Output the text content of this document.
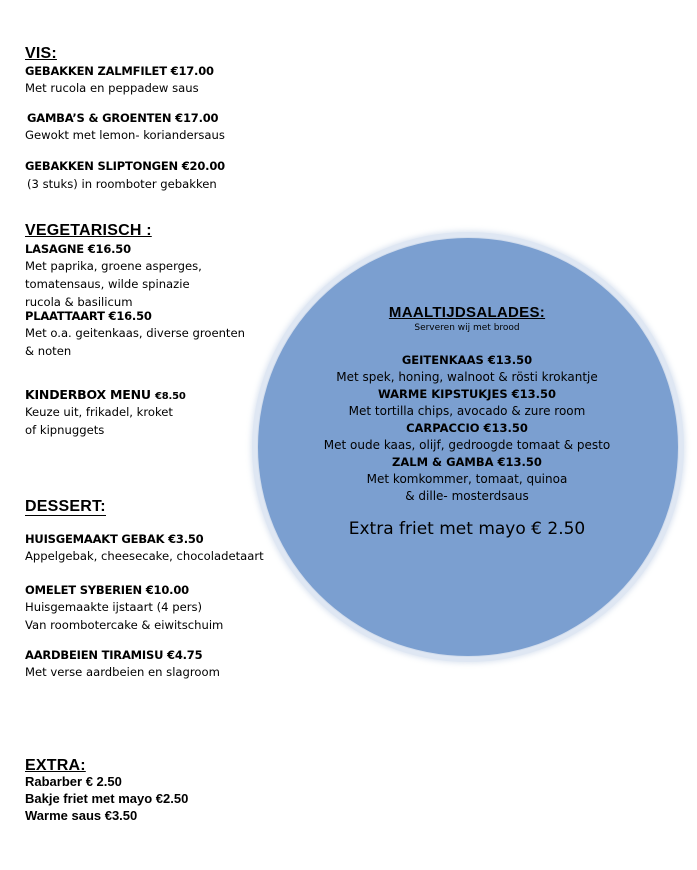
VIS:
GEBAKKEN ZALMFILET €17.00
Met rucola en peppadew saus
GAMBA’S & GROENTEN €17.00
Gewokt met lemon- koriandersaus
GEBAKKEN SLIPTONGEN €20.00
(3 stuks) in roomboter gebakken
VEGETARISCH :
LASAGNE €16.50
Met paprika, groene asperges,
tomatensaus, wilde spinazie
rucola & basilicum
PLAATTAART €16.50
Met o.a. geitenkaas, diverse groenten
& noten
KINDERBOX MENU €8.50
Keuze uit, frikadel, kroket
of kipnuggets
DESSERT:
HUISGEMAAKT GEBAK €3.50
Appelgebak, cheesecake, chocoladetaart
OMELET SYBERIEN €10.00
Huisgemaakte ijstaart (4 pers)
Van roombotercake & eiwitschuim
AARDBEIEN TIRAMISU €4.75
Met verse aardbeien en slagroom
EXTRA:
Rabarber € 2.50
Bakje friet met mayo €2.50
Warme saus €3.50
MAALTIJDSALADES:
Serveren wij met brood
GEITENKAAS €13.50
Met spek, honing, walnoot & rösti krokantje
WARME KIPSTUKJES €13.50
Met tortilla chips, avocado & zure room
CARPACCIO €13.50
Met oude kaas, olijf, gedroogde tomaat & pesto
ZALM & GAMBA €13.50
Met komkommer, tomaat, quinoa
& dille- mosterdsaus
Extra friet met mayo € 2.50
